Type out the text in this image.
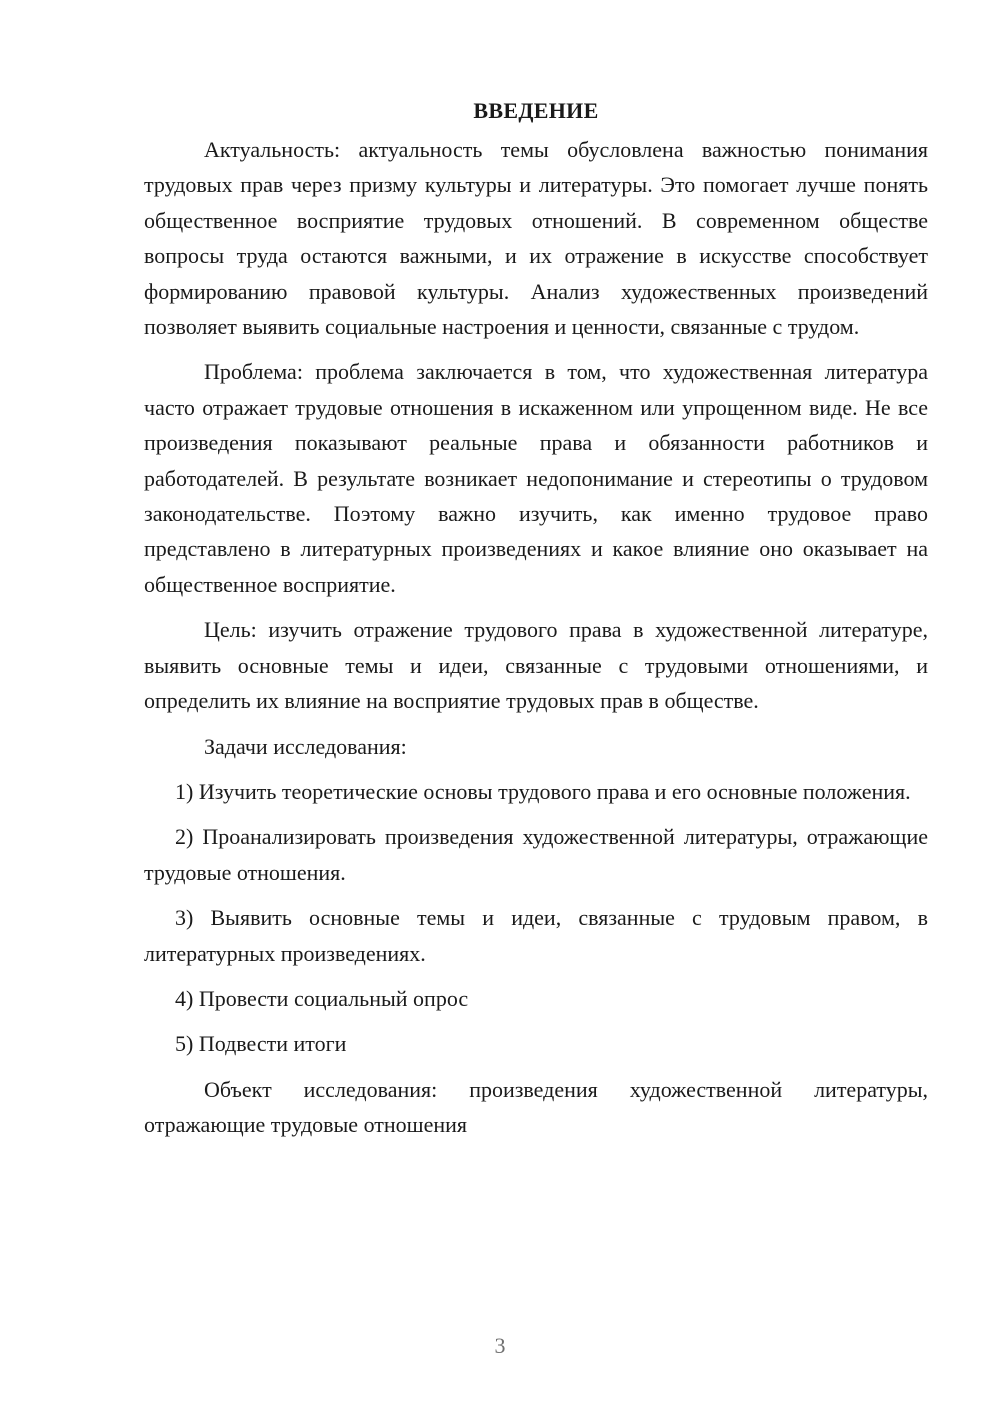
ВВЕДЕНИЕ

Актуальность: актуальность темы обусловлена важностью понимания трудовых прав через призму культуры и литературы. Это помогает лучше понять общественное восприятие трудовых отношений. В современном обществе вопросы труда остаются важными, и их отражение в искусстве способствует формированию правовой культуры. Анализ художественных произведений позволяет выявить социальные настроения и ценности, связанные с трудом.

Проблема: проблема заключается в том, что художественная литература часто отражает трудовые отношения в искаженном или упрощенном виде. Не все произведения показывают реальные права и обязанности работников и работодателей. В результате возникает недопонимание и стереотипы о трудовом законодательстве. Поэтому важно изучить, как именно трудовое право представлено в литературных произведениях и какое влияние оно оказывает на общественное восприятие.

Цель: изучить отражение трудового права в художественной литературе, выявить основные темы и идеи, связанные с трудовыми отношениями, и определить их влияние на восприятие трудовых прав в обществе.

Задачи исследования:

1) Изучить теоретические основы трудового права и его основные положения.

2) Проанализировать произведения художественной литературы, отражающие трудовые отношения.

3) Выявить основные темы и идеи, связанные с трудовым правом, в литературных произведениях.

4) Провести социальный опрос

5) Подвести итоги

Объект исследования: произведения художественной литературы, отражающие трудовые отношения

3
